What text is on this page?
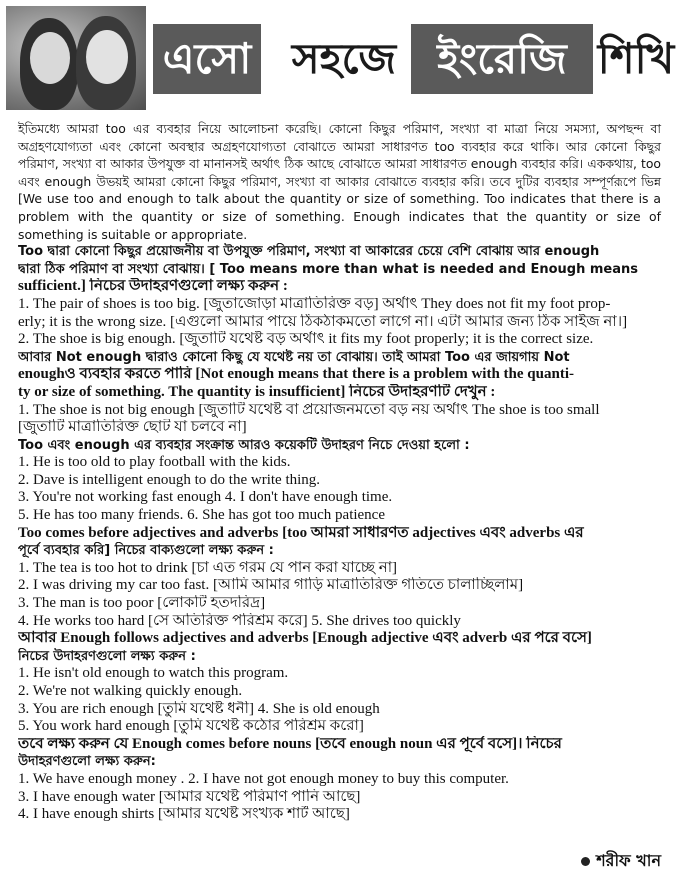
এসো সহজে ইংরেজি শিখি

ইতিমধ্যে আমরা too এর ব্যবহার নিয়ে আলোচনা করেছি। কোনো কিছুর পরিমাণ, সংখ্যা বা মাত্রা নিয়ে সমস্যা, অপছন্দ বা অগ্রহণযোগ্যতা এবং কোনো অবস্থার অগ্রহণযোগ্যতা বোঝাতে আমরা সাধারণত too ব্যবহার করে থাকি। আর কোনো কিছুর পরিমাণ, সংখ্যা বা আকার উপযুক্ত বা মানানসই অর্থাৎ ঠিক আছে বোঝাতে আমরা সাধারণত enough ব্যবহার করি। এককথায়, too এবং enough উভয়ই আমরা কোনো কিছুর পরিমাণ, সংখ্যা বা আকার বোঝাতে ব্যবহার করি। তবে দুটির ব্যবহার সম্পূর্ণরূপে ভিন্ন [We use too and enough to talk about the quantity or size of something. Too indicates that there is a problem with the quantity or size of something. Enough indicates that the quantity or size of something is suitable or appropriate.

Too দ্বারা কোনো কিছুর প্রয়োজনীয় বা উপযুক্ত পরিমাণ, সংখ্যা বা আকারের চেয়ে বেশি বোঝায় আর enough
দ্বারা ঠিক পরিমাণ বা সংখ্যা বোঝায়। [ Too means more than what is needed and Enough means
sufficient.] নিচের উদাহরণগুলো লক্ষ্য করুন :
1. The pair of shoes is too big. [জুতাজোড়া মাত্রাতিরিক্ত বড়] অর্থাৎ They does not fit my foot prop-
erly; it is the wrong size. [এগুলো আমার পায়ে ঠিকঠাকমতো লাগে না। এটা আমার জন্য ঠিক সাইজ না।]
2. The shoe is big enough. [জুতাটি যথেষ্ট বড় অর্থাৎ it fits my foot properly; it is the correct size.
আবার Not enough দ্বারাও কোনো কিছু যে যথেষ্ট নয় তা বোঝায়। তাই আমরা Too এর জায়গায় Not
enoughও ব্যবহার করতে পারি [Not enough means that there is a problem with the quanti-
ty or size of something. The quantity is insufficient] নিচের উদাহরণটি দেখুন :
1. The shoe is not big enough [জুতাটি যথেষ্ট বা প্রয়োজনমতো বড় নয় অর্থাৎ The shoe is too small
[জুতাটি মাত্রাতিরিক্ত ছোট যা চলবে না]
Too এবং enough এর ব্যবহার সংক্রান্ত আরও কয়েকটি উদাহরণ নিচে দেওয়া হলো :
1. He is too old to play football with the kids.
2. Dave is intelligent enough to do the write thing.
3. You're not working fast enough 4. I don't have enough time.
5. He has too many friends. 6. She has got too much patience
Too comes before adjectives and adverbs [too আমরা সাধারণত adjectives এবং adverbs এর
পূর্বে ব্যবহার করি] নিচের বাক্যগুলো লক্ষ্য করুন :
1. The tea is too hot to drink [চা এত গরম যে পান করা যাচ্ছে না]
2. I was driving my car too fast. [আমি আমার গাড়ি মাত্রাতিরিক্ত গতিতে চালাচ্ছিলাম]
3. The man is too poor [লোকটি হতদরিদ্র]
4. He works too hard [সে অতিরিক্ত পরিশ্রম করে] 5. She drives too quickly
আবার Enough follows adjectives and adverbs [Enough adjective এবং adverb এর পরে বসে]
নিচের উদাহরণগুলো লক্ষ্য করুন :
1. He isn't old enough to watch this program.
2. We're not walking quickly enough.
3. You are rich enough [তুমি যথেষ্ট ধনী] 4. She is old enough
5. You work hard enough [তুমি যথেষ্ট কঠোর পরিশ্রম করো]
তবে লক্ষ্য করুন যে Enough comes before nouns [তবে enough noun এর পূর্বে বসে]। নিচের
উদাহরণগুলো লক্ষ্য করুন:
1. We have enough money . 2. I have not got enough money to buy this computer.
3. I have enough water [আমার যথেষ্ট পরিমাণ পানি আছে]
4. I have enough shirts [আমার যথেষ্ট সংখ্যক শার্ট আছে]
শরীফ খান
